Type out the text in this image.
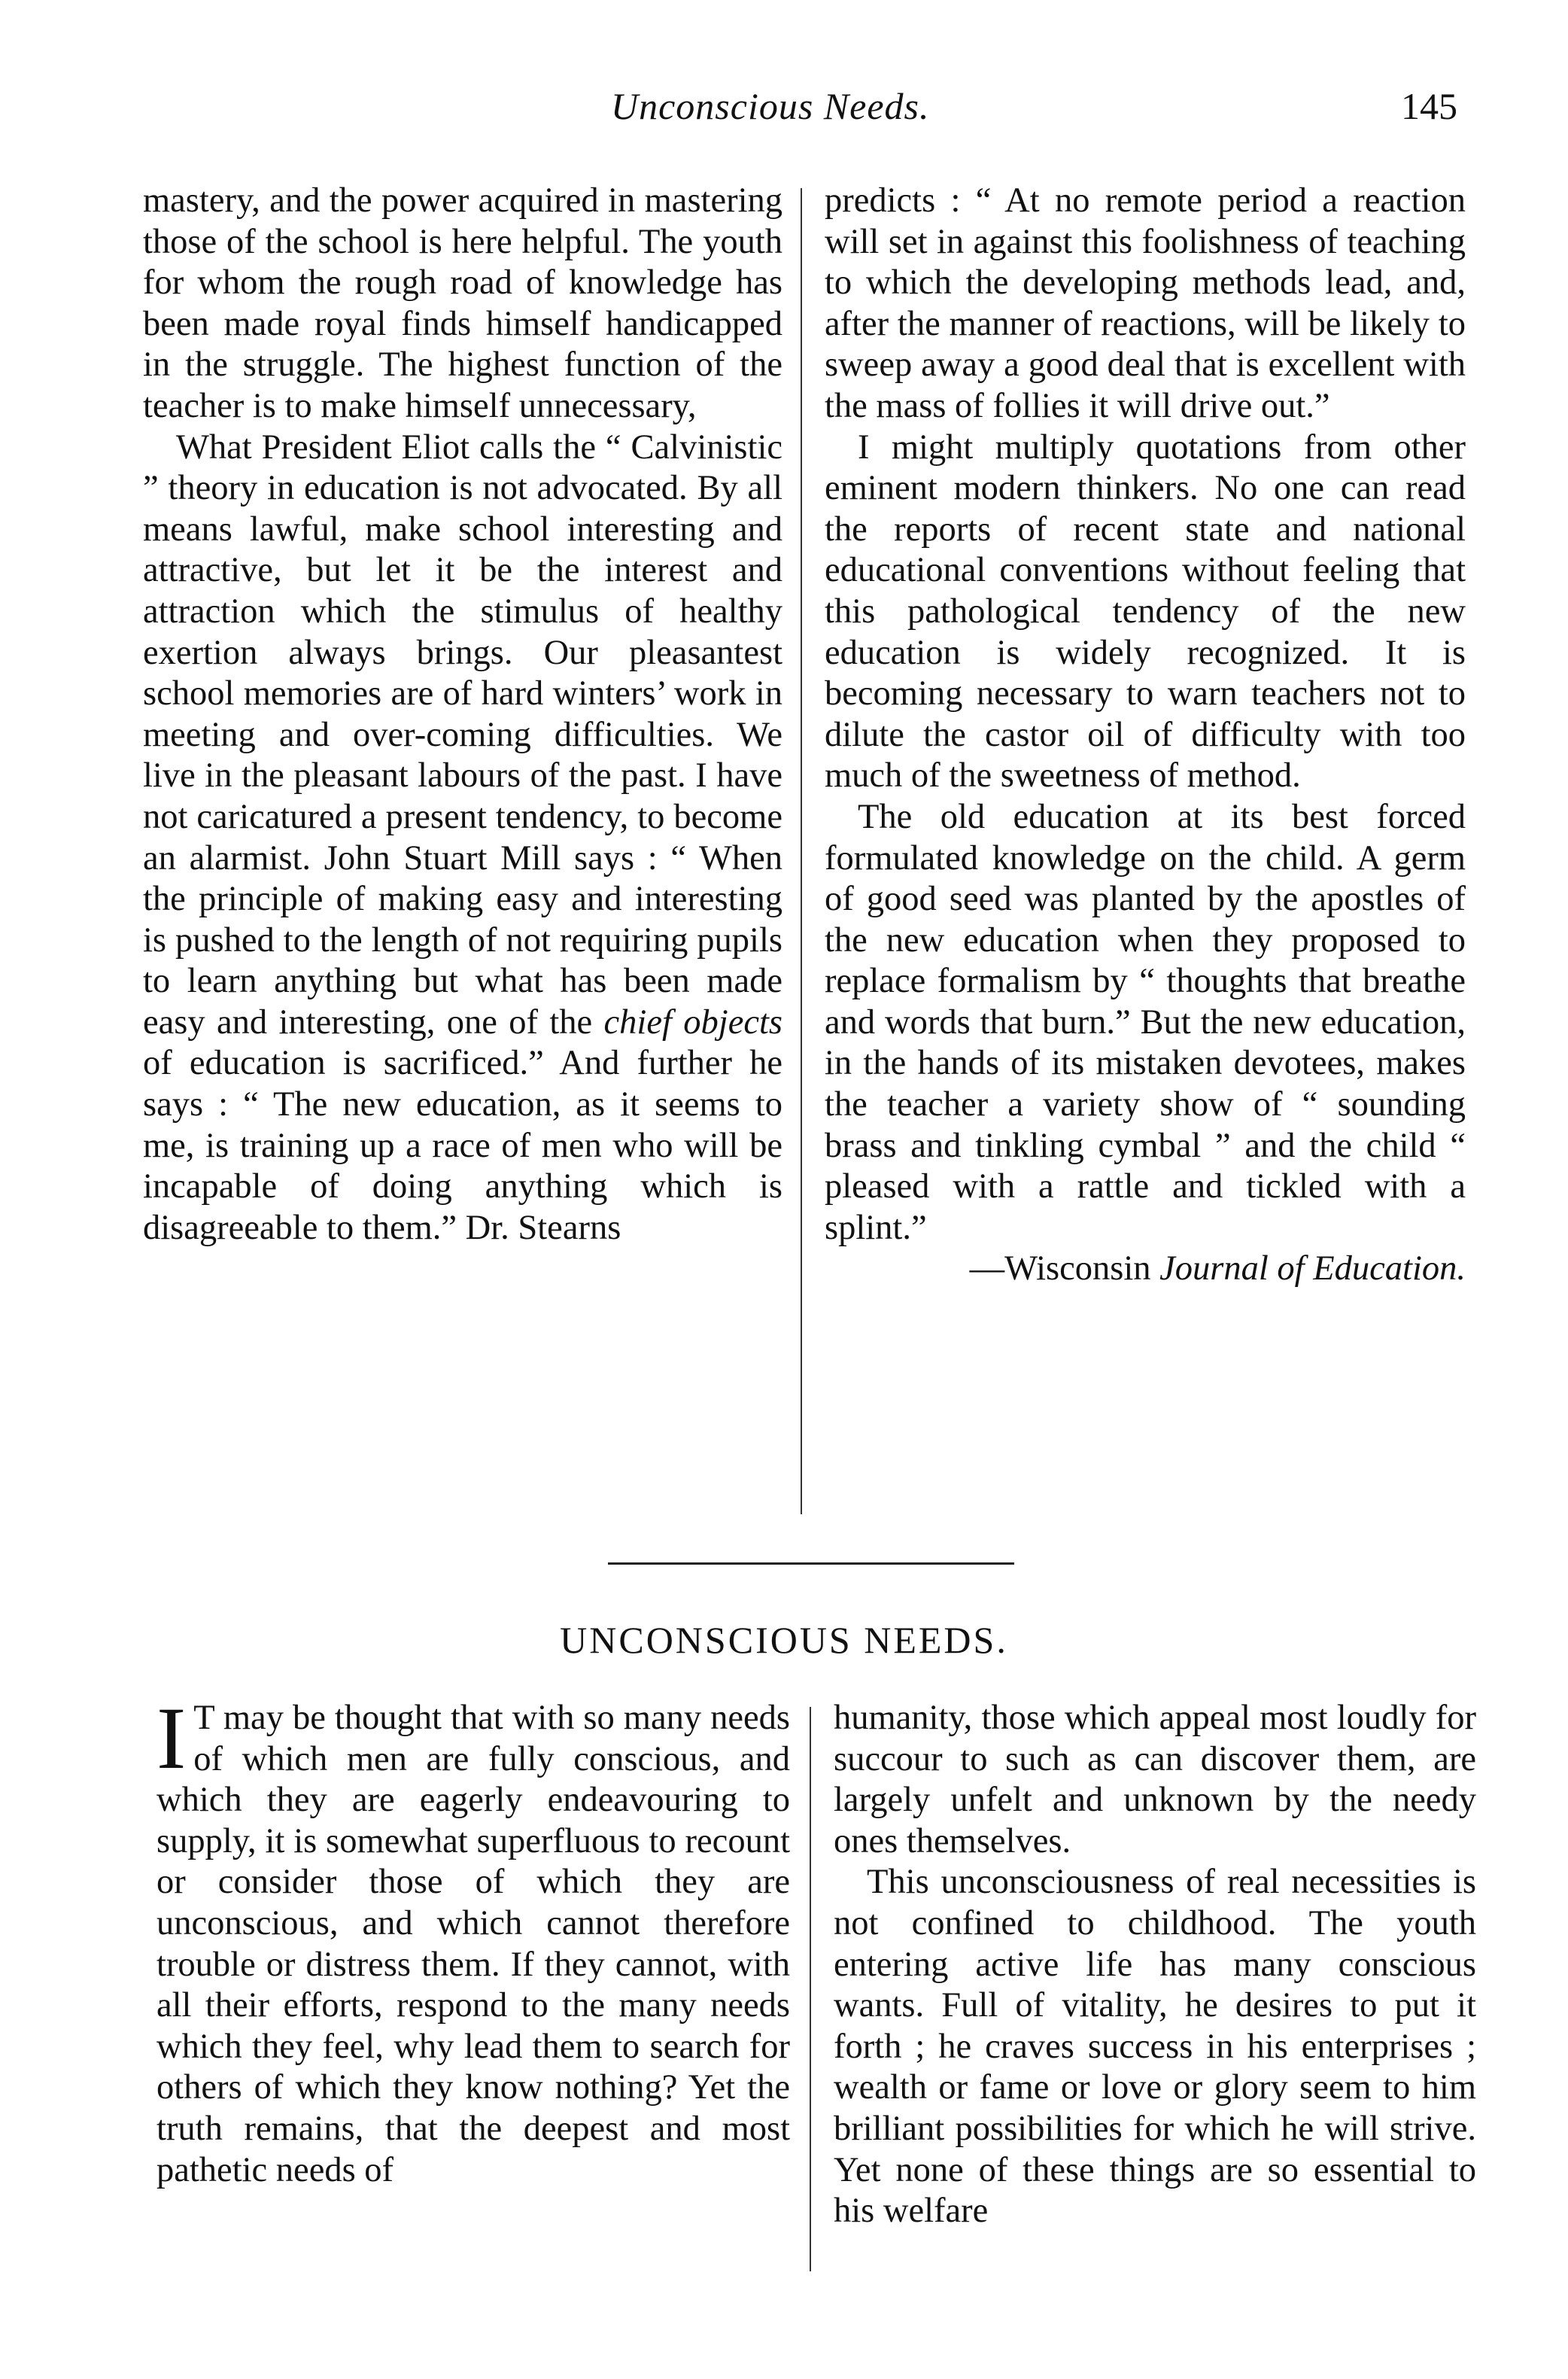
Unconscious Needs.	145

mastery, and the power acquired in mastering those of the school is here helpful. The youth for whom the rough road of knowledge has been made royal finds himself handicapped in the struggle. The highest function of the teacher is to make himself unnecessary,

What President Eliot calls the “ Calvinistic ” theory in education is not advocated. By all means lawful, make school interesting and attractive, but let it be the interest and attraction which the stimulus of healthy exertion always brings. Our pleasantest school memories are of hard winters’ work in meeting and over-coming difficulties. We live in the pleasant labours of the past. I have not caricatured a present tendency, to become an alarmist. John Stuart Mill says : “ When the principle of making easy and interesting is pushed to the length of not requiring pupils to learn anything but what has been made easy and interesting, one of the chief objects of education is sacrificed.” And further he says : “ The new education, as it seems to me, is training up a race of men who will be incapable of doing anything which is disagreeable to them.” Dr. Stearns

predicts : “ At no remote period a reaction will set in against this foolishness of teaching to which the developing methods lead, and, after the manner of reactions, will be likely to sweep away a good deal that is excellent with the mass of follies it will drive out.”

I might multiply quotations from other eminent modern thinkers. No one can read the reports of recent state and national educational conventions without feeling that this pathological tendency of the new education is widely recognized. It is becoming necessary to warn teachers not to dilute the castor oil of difficulty with too much of the sweetness of method.

The old education at its best forced formulated knowledge on the child. A germ of good seed was planted by the apostles of the new education when they proposed to replace formalism by “ thoughts that breathe and words that burn.” But the new education, in the hands of its mistaken devotees, makes the teacher a variety show of “ sounding brass and tinkling cymbal ” and the child “ pleased with a rattle and tickled with a splint.”

—Wisconsin Journal of Education.

UNCONSCIOUS NEEDS.

I T may be thought that with so many needs of which men are fully conscious, and which they are eagerly endeavouring to supply, it is somewhat superfluous to recount or consider those of which they are unconscious, and which cannot therefore trouble or distress them. If they cannot, with all their efforts, respond to the many needs which they feel, why lead them to search for others of which they know nothing? Yet the truth remains, that the deepest and most pathetic needs of

humanity, those which appeal most loudly for succour to such as can discover them, are largely unfelt and unknown by the needy ones themselves.

This unconsciousness of real necessities is not confined to childhood. The youth entering active life has many conscious wants. Full of vitality, he desires to put it forth ; he craves success in his enterprises ; wealth or fame or love or glory seem to him brilliant possibilities for which he will strive. Yet none of these things are so essential to his welfare
